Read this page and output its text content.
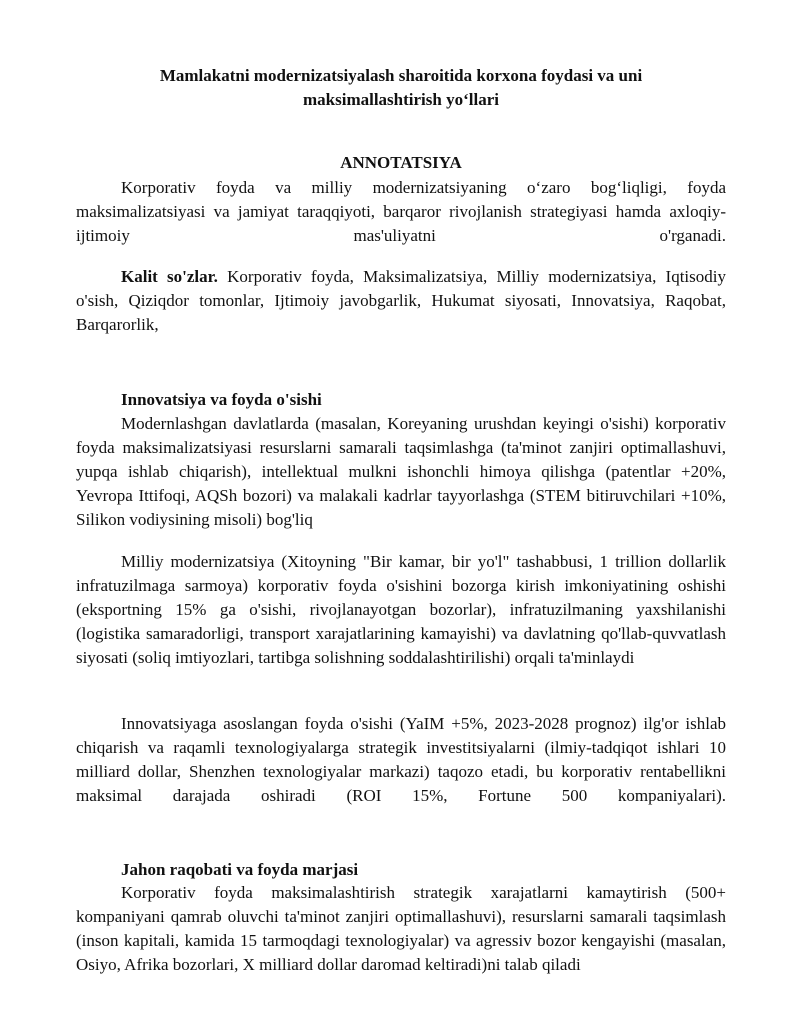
Mamlakatni modernizatsiyalash sharoitida korxona foydasi va uni
maksimallashtirish yo‘llari
ANNOTATSIYA

Korporativ foyda va milliy modernizatsiyaning o‘zaro bog‘liqligi, foyda maksimalizatsiyasi va jamiyat taraqqiyoti, barqaror rivojlanish strategiyasi hamda axloqiy-ijtimoiy mas'uliyatni o'rganadi.

Kalit so'zlar. Korporativ foyda, Maksimalizatsiya, Milliy modernizatsiya, Iqtisodiy o'sish, Qiziqdor tomonlar, Ijtimoiy javobgarlik, Hukumat siyosati, Innovatsiya, Raqobat, Barqarorlik,

Innovatsiya va foyda o'sishi

Modernlashgan davlatlarda (masalan, Koreyaning urushdan keyingi o'sishi) korporativ foyda maksimalizatsiyasi resurslarni samarali taqsimlashga (ta'minot zanjiri optimallashuvi, yupqa ishlab chiqarish), intellektual mulkni ishonchli himoya qilishga (patentlar +20%, Yevropa Ittifoqi, AQSh bozori) va malakali kadrlar tayyorlashga (STEM bitiruvchilari +10%, Silikon vodiysining misoli) bog'liq

Milliy modernizatsiya (Xitoyning "Bir kamar, bir yo'l" tashabbusi, 1 trillion dollarlik infratuzilmaga sarmoya) korporativ foyda o'sishini bozorga kirish imkoniyatining oshishi (eksportning 15% ga o'sishi, rivojlanayotgan bozorlar), infratuzilmaning yaxshilanishi (logistika samaradorligi, transport xarajatlarining kamayishi) va davlatning qo'llab-quvvatlash siyosati (soliq imtiyozlari, tartibga solishning soddalashtirilishi) orqali ta'minlaydi

Innovatsiyaga asoslangan foyda o'sishi (YaIM +5%, 2023-2028 prognoz) ilg'or ishlab chiqarish va raqamli texnologiyalarga strategik investitsiyalarni (ilmiy-tadqiqot ishlari 10 milliard dollar, Shenzhen texnologiyalar markazi) taqozo etadi, bu korporativ rentabellikni maksimal darajada oshiradi (ROI 15%, Fortune 500 kompaniyalari).

Jahon raqobati va foyda marjasi

Korporativ foyda maksimalashtirish strategik xarajatlarni kamaytirish (500+ kompaniyani qamrab oluvchi ta'minot zanjiri optimallashuvi), resurslarni samarali taqsimlash (inson kapitali, kamida 15 tarmoqdagi texnologiyalar) va agressiv bozor kengayishi (masalan, Osiyo, Afrika bozorlari, X milliard dollar daromad keltiradi)ni talab qiladi
